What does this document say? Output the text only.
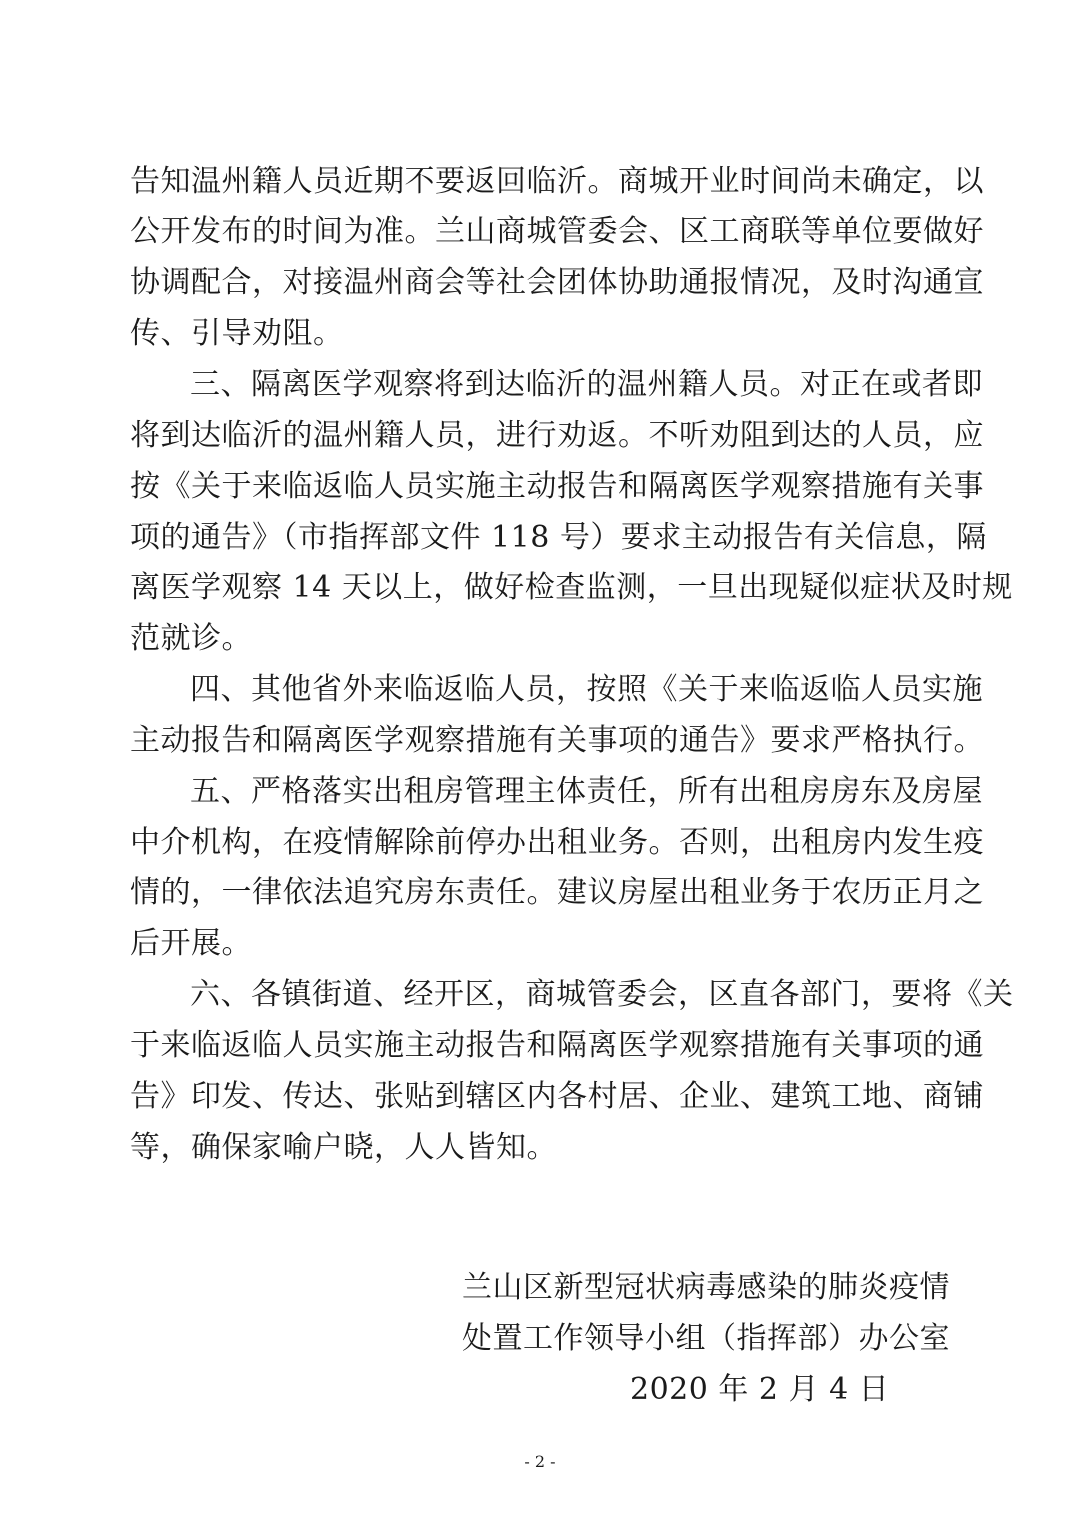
告知温州籍人员近期不要返回临沂。商城开业时间尚未确定，以
公开发布的时间为准。兰山商城管委会、区工商联等单位要做好
协调配合，对接温州商会等社会团体协助通报情况，及时沟通宣
传、引导劝阻。
三、隔离医学观察将到达临沂的温州籍人员。对正在或者即
将到达临沂的温州籍人员，进行劝返。不听劝阻到达的人员，应
按《关于来临返临人员实施主动报告和隔离医学观察措施有关事
项的通告》（市指挥部文件 118 号）要求主动报告有关信息，隔
离医学观察 14 天以上，做好检查监测，一旦出现疑似症状及时规
范就诊。
四、其他省外来临返临人员，按照《关于来临返临人员实施
主动报告和隔离医学观察措施有关事项的通告》要求严格执行。
五、严格落实出租房管理主体责任，所有出租房房东及房屋
中介机构，在疫情解除前停办出租业务。否则，出租房内发生疫
情的，一律依法追究房东责任。建议房屋出租业务于农历正月之
后开展。
六、各镇街道、经开区，商城管委会，区直各部门，要将《关
于来临返临人员实施主动报告和隔离医学观察措施有关事项的通
告》印发、传达、张贴到辖区内各村居、企业、建筑工地、商铺
等，确保家喻户晓，人人皆知。
兰山区新型冠状病毒感染的肺炎疫情
处置工作领导小组（指挥部）办公室
2020 年 2 月 4 日
- 2 -
